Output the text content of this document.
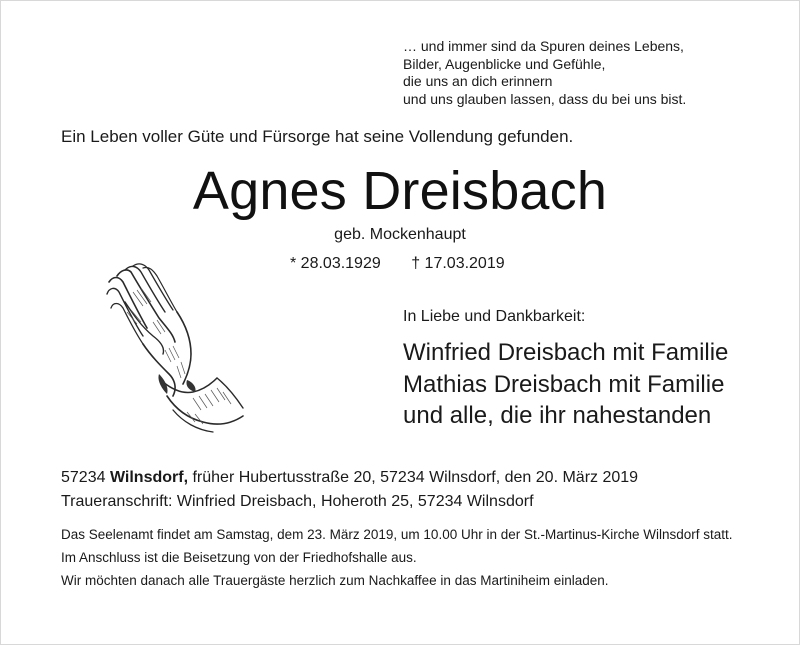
… und immer sind da Spuren deines Lebens,
Bilder, Augenblicke und Gefühle,
die uns an dich erinnern
und uns glauben lassen, dass du bei uns bist.
Ein Leben voller Güte und Fürsorge hat seine Vollendung gefunden.
Agnes Dreisbach
geb. Mockenhaupt
* 28.03.1929 † 17.03.2019
In Liebe und Dankbarkeit:
Winfried Dreisbach mit Familie
Mathias Dreisbach mit Familie
und alle, die ihr nahestanden
57234 Wilnsdorf, früher Hubertusstraße 20, 57234 Wilnsdorf, den 20. März 2019
Traueranschrift: Winfried Dreisbach, Hoheroth 25, 57234 Wilnsdorf

Das Seelenamt findet am Samstag, dem 23. März 2019, um 10.00 Uhr in der St.-Martinus-Kirche Wilnsdorf statt.

Im Anschluss ist die Beisetzung von der Friedhofshalle aus.

Wir möchten danach alle Trauergäste herzlich zum Nachkaffee in das Martiniheim einladen.
